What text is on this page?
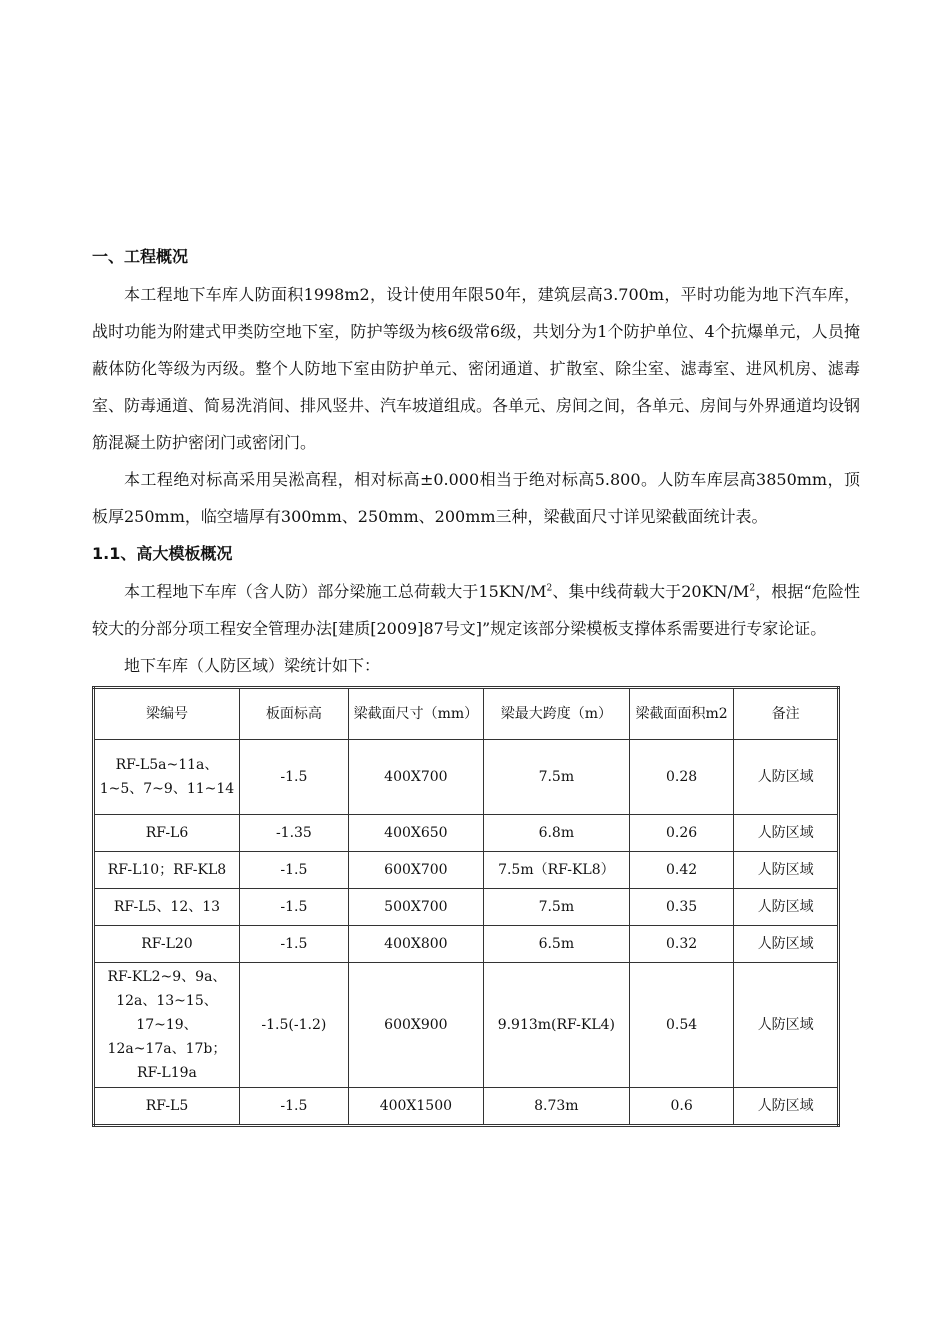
一、工程概况

本工程地下车库人防面积1998m2，设计使用年限50年，建筑层高3.700m，平时功能为地下汽车库，战时功能为附建式甲类防空地下室，防护等级为核6级常6级，共划分为1个防护单位、4个抗爆单元，人员掩蔽体防化等级为丙级。整个人防地下室由防护单元、密闭通道、扩散室、除尘室、滤毒室、进风机房、滤毒室、防毒通道、简易洗消间、排风竖井、汽车坡道组成。各单元、房间之间，各单元、房间与外界通道均设钢筋混凝土防护密闭门或密闭门。

本工程绝对标高采用吴淞高程，相对标高±0.000相当于绝对标高5.800。人防车库层高3850mm，顶板厚250mm，临空墙厚有300mm、250mm、200mm三种，梁截面尺寸详见梁截面统计表。

1.1、高大模板概况

本工程地下车库（含人防）部分梁施工总荷载大于$15KN/M^2$、集中线荷载大于$20KN/M^2$，根据“危险性较大的分部分项工程安全管理办法[建质[2009]87号文]”规定该部分梁模板支撑体系需要进行专家论证。

地下车库（人防区域）梁统计如下：

梁编号	板面标高	梁截面尺寸（mm）	梁最大跨度（m）	梁截面面积m2	备注
RF-L5a~11a、1~5、7~9、11~14	-1.5	400X700	7.5m	0.28	人防区域
RF-L6	-1.35	400X650	6.8m	0.26	人防区域
RF-L10；RF-KL8	-1.5	600X700	7.5m（RF-KL8）	0.42	人防区域
RF-L5、12、13	-1.5	500X700	7.5m	0.35	人防区域
RF-L20	-1.5	400X800	6.5m	0.32	人防区域
RF-KL2~9、9a、12a、13~15、17~19、12a~17a、17b；RF-L19a	-1.5(-1.2)	600X900	9.913m(RF-KL4)	0.54	人防区域
RF-L5	-1.5	400X1500	8.73m	0.6	人防区域
